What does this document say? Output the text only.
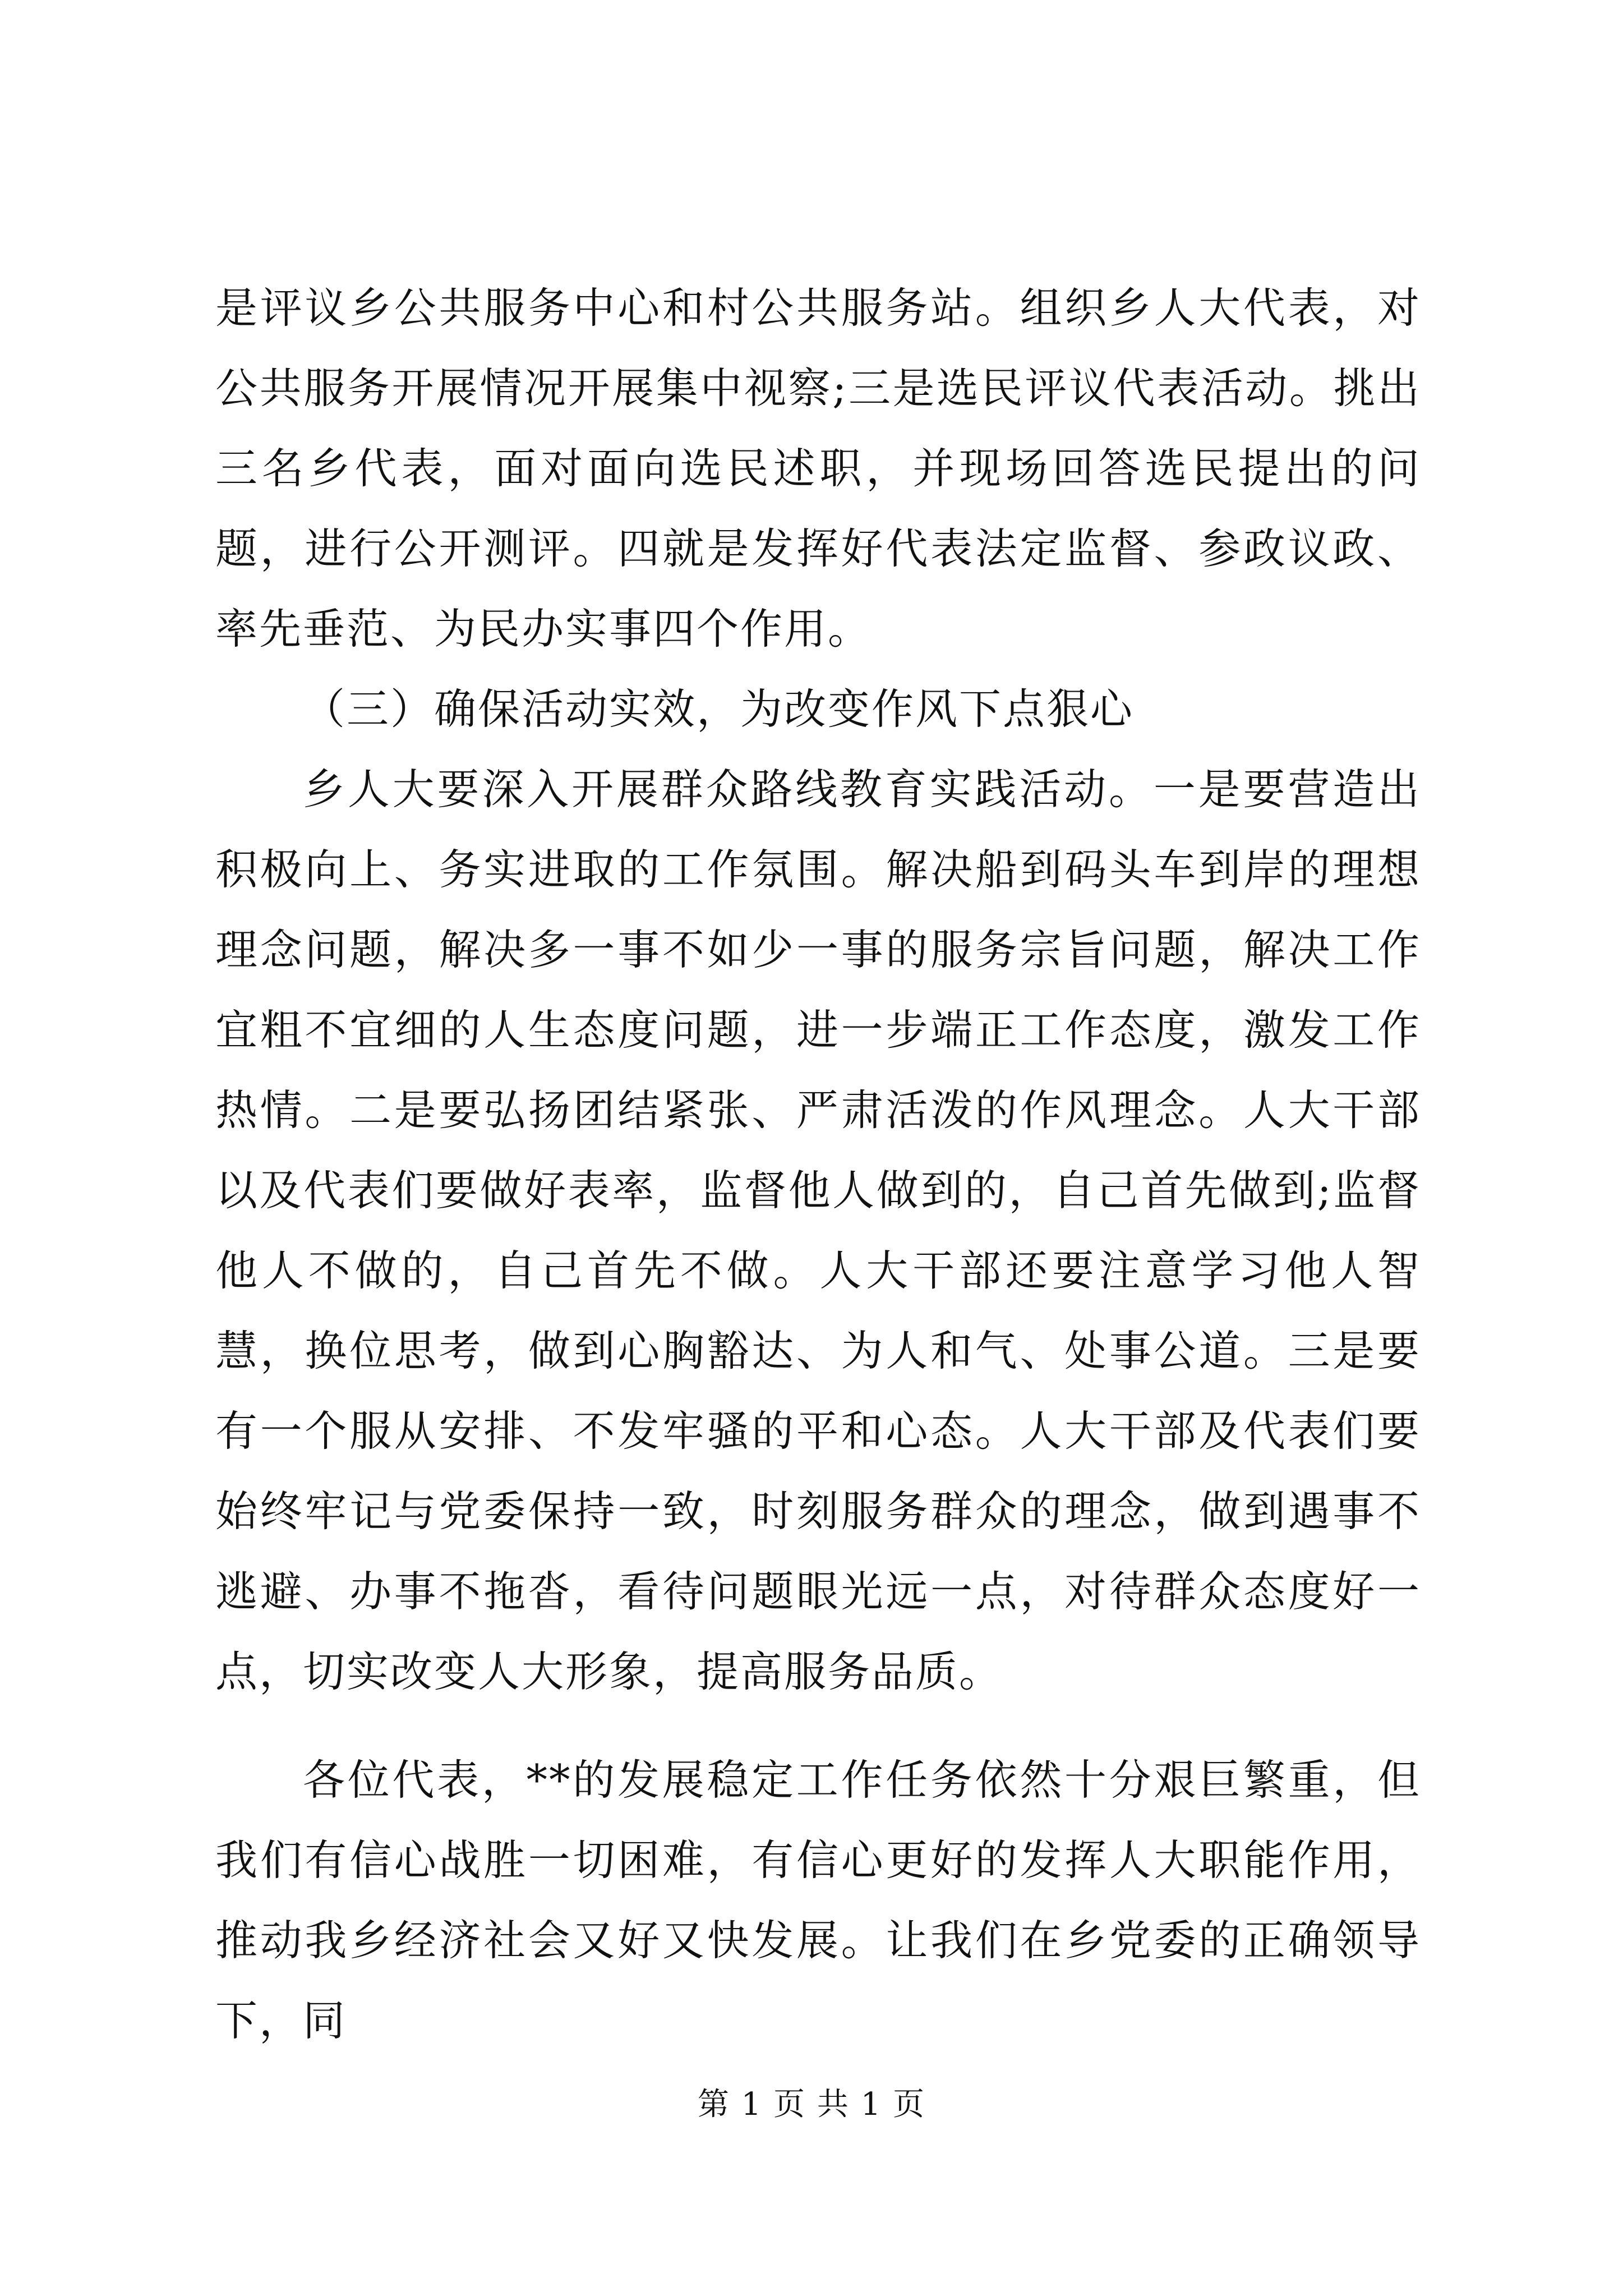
是评议乡公共服务中心和村公共服务站。组织乡人大代表，对公共服务开展情况开展集中视察;三是选民评议代表活动。挑出三名乡代表，面对面向选民述职，并现场回答选民提出的问题，进行公开测评。四就是发挥好代表法定监督、参政议政、率先垂范、为民办实事四个作用。

（三）确保活动实效，为改变作风下点狠心

乡人大要深入开展群众路线教育实践活动。一是要营造出积极向上、务实进取的工作氛围。解决船到码头车到岸的理想理念问题，解决多一事不如少一事的服务宗旨问题，解决工作宜粗不宜细的人生态度问题，进一步端正工作态度，激发工作热情。二是要弘扬团结紧张、严肃活泼的作风理念。人大干部以及代表们要做好表率，监督他人做到的，自己首先做到;监督他人不做的，自己首先不做。人大干部还要注意学习他人智慧，换位思考，做到心胸豁达、为人和气、处事公道。三是要有一个服从安排、不发牢骚的平和心态。人大干部及代表们要始终牢记与党委保持一致，时刻服务群众的理念，做到遇事不逃避、办事不拖沓，看待问题眼光远一点，对待群众态度好一点，切实改变人大形象，提高服务品质。

各位代表，**的发展稳定工作任务依然十分艰巨繁重，但我们有信心战胜一切困难，有信心更好的发挥人大职能作用，推动我乡经济社会又好又快发展。让我们在乡党委的正确领导下，同

第 1 页 共 1 页
